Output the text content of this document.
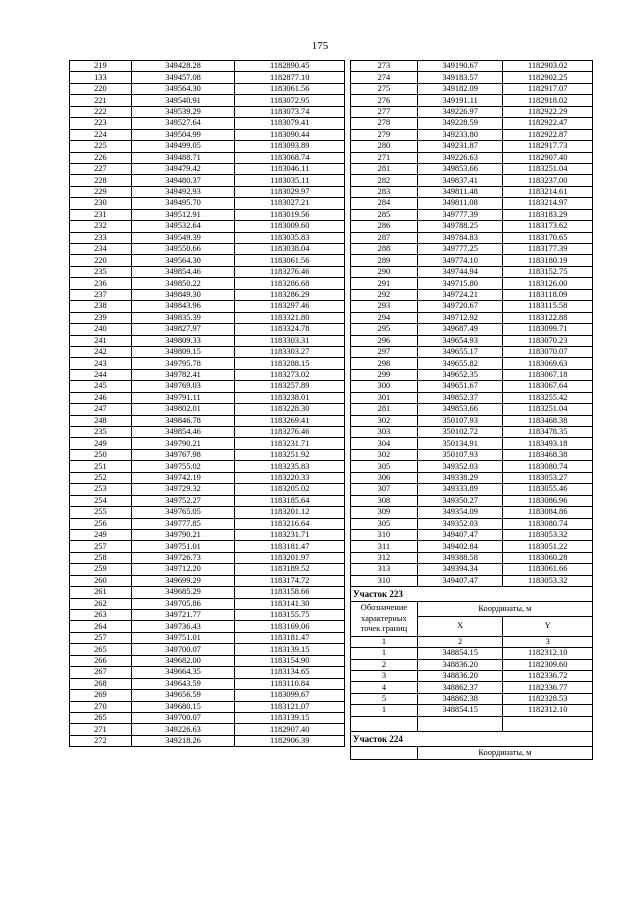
175
219	349428.28	1182890.45
133	349457.08	1182877.10
220	349564.30	1183061.56
221	349540.91	1183072.95
222	349539.29	1183073.74
223	349527.64	1183079.41
224	349504.99	1183090.44
225	349499.05	1183093.89
226	349488.71	1183068.74
227	349479.42	1183046.11
228	349480.37	1183035.11
229	349492.93	1183029.97
230	349495.70	1183027.21
231	349512.91	1183019.56
232	349532.64	1183009.60
233	349549.39	1183035.83
234	349550.66	1183038.04
220	349564.30	1183061.56
235	349854.46	1183276.46
236	349850.22	1183286.68
237	349849.30	1183286.29
238	349843.96	1183297.46
239	349835.39	1183321.80
240	349827.97	1183324.78
241	349809.33	1183303.31
242	349809.15	1183303.27
243	349795.78	1183288.15
244	349782.41	1183273.02
245	349769.03	1183257.89
246	349791.11	1183238.01
247	349802.01	1183228.30
248	349846.78	1183269.41
235	349854.46	1183276.46
249	349790.21	1183231.71
250	349767.98	1183251.92
251	349755.02	1183235.83
252	349742.19	1183220.33
253	349729.32	1183205.02
254	349752.27	1183185.64
255	349765.05	1183201.12
256	349777.85	1183216.64
249	349790.21	1183231.71
257	349751.01	1183181.47
258	349726.73	1183201.97
259	349712.20	1183189.52
260	349699.29	1183174.72
261	349685.29	1183158.66
262	349705.86	1183141.30
263	349721.77	1183155.75
264	349736.43	1183169.06
257	349751.01	1183181.47
265	349700.07	1183139.15
266	349682.00	1183154.90
267	349664.35	1183134.65
268	349643.59	1183110.84
269	349656.59	1183099.67
270	349680.15	1183121.07
265	349700.07	1183139.15
271	349226.63	1182907.40
272	349218.26	1182906.39
273	349190.67	1182903.02
274	349183.57	1182902.25
275	349182.09	1182917.07
276	349191.11	1182918.02
277	349226.97	1182922.29
278	349228.59	1182922.47
279	349233.80	1182922.87
280	349231.87	1182917.73
271	349226.63	1182907.40
281	349853.66	1183251.04
282	349837.41	1183237.00
283	349811.48	1183214.61
284	349811.08	1183214.97
285	349777.39	1183183.29
286	349788.25	1183173.62
287	349784.83	1183170.65
288	349777.25	1183177.39
289	349774.10	1183180.19
290	349744.94	1183152.75
291	349715.80	1183126.00
292	349724.21	1183118.09
293	349720.67	1183115.58
294	349712.92	1183122.88
295	349687.49	1183099.71
296	349654.93	1183070.23
297	349655.17	1183070.07
298	349655.82	1183069.63
299	349652.35	1183067.18
300	349651.67	1183067.64
301	349852.37	1183255.42
281	349853.66	1183251.04
302	350107.93	1183468.38
303	350102.72	1183478.35
304	350134.91	1183493.18
302	350107.93	1183468.38
305	349352.03	1183080.74
306	349338.29	1183053.27
307	349333.89	1183055.46
308	349350.27	1183086.96
309	349354.09	1183084.86
305	349352.03	1183080.74
310	349407.47	1183053.32
311	349402.84	1183051.22
312	349388.58	1183060.28
313	349394.34	1183061.66
310	349407.47	1183053.32
Участок 223		
Обозначение характерных точек границ	Координаты, м	
	X	Y
1	2	3
1	348854.15	1182312.10
2	348836.20	1182309.60
3	348836.20	1182336.72
4	348862.37	1182336.77
5	348862.38	1182328.53
1	348854.15	1182312.10

Участок 224		
	Координаты, м	
